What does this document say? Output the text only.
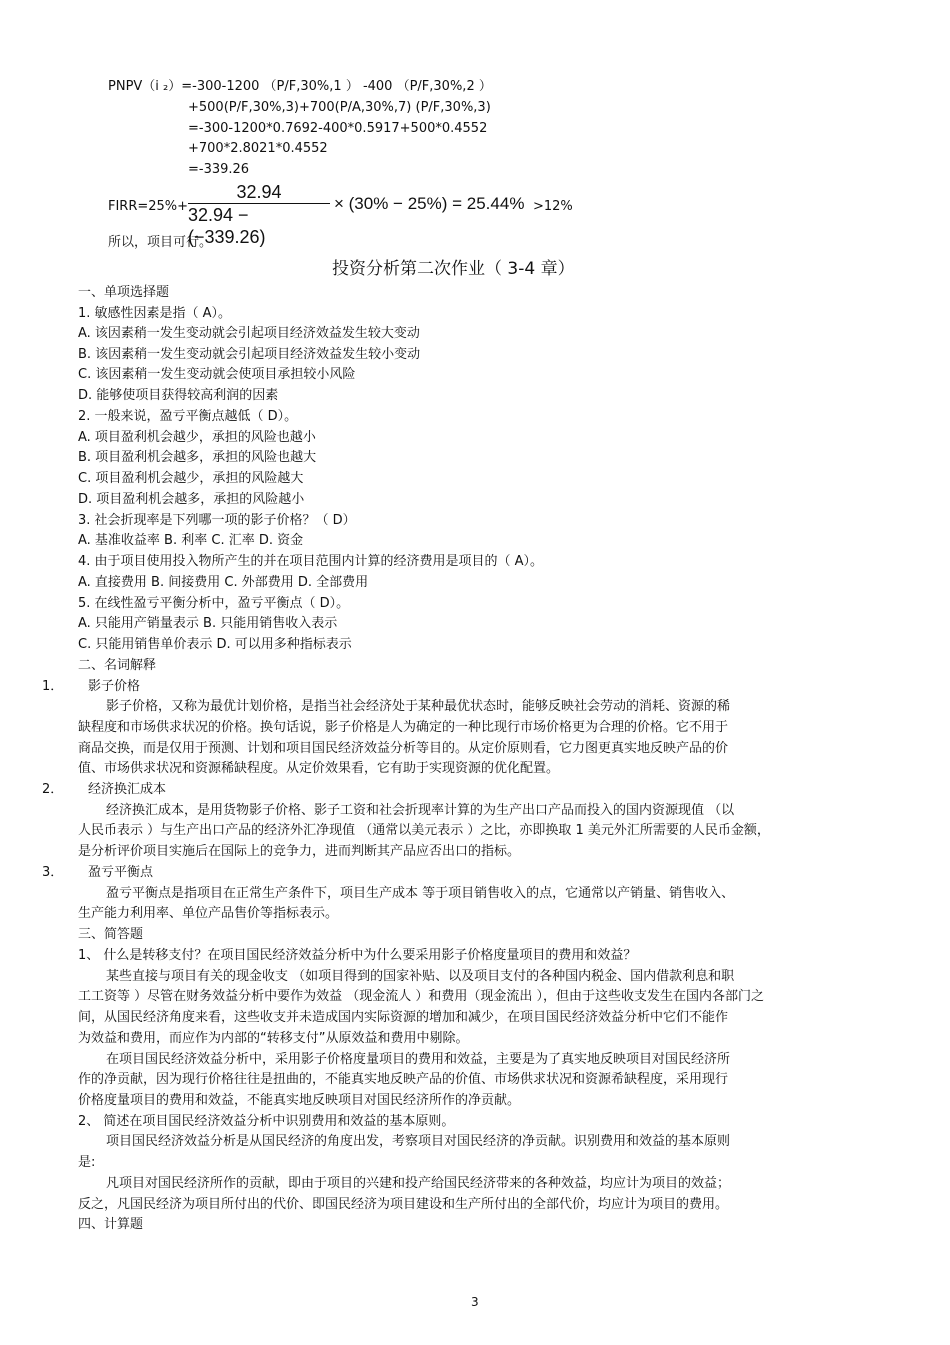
PNPV（i ₂）=-300-1200 （P/F,30%,1 ） -400 （P/F,30%,2 ）
+500(P/F,30%,3)+700(P/A,30%,7) (P/F,30%,3)
=-300-1200*0.7692-400*0.5917+500*0.4552
+700*2.8021*0.4552
=-339.26
FIRR=25%+
32.94
32.94 − (−339.26)
× (30% − 25%) = 25.44% >12%
所以，项目可行。
投资分析第二次作业（ 3-4 章）
一、单项选择题
1. 敏感性因素是指（ A）。
A. 该因素稍一发生变动就会引起项目经济效益发生较大变动
B. 该因素稍一发生变动就会引起项目经济效益发生较小变动
C. 该因素稍一发生变动就会使项目承担较小风险
D. 能够使项目获得较高利润的因素
2. 一般来说，盈亏平衡点越低（ D）。
A. 项目盈利机会越少，承担的风险也越小
B. 项目盈利机会越多，承担的风险也越大
C. 项目盈利机会越少，承担的风险越大
D. 项目盈利机会越多，承担的风险越小
3. 社会折现率是下列哪一项的影子价格？（ D）
A. 基准收益率 B. 利率 C. 汇率 D. 资金
4. 由于项目使用投入物所产生的并在项目范围内计算的经济费用是项目的（ A）。
A. 直接费用 B. 间接费用 C. 外部费用 D. 全部费用
5. 在线性盈亏平衡分析中，盈亏平衡点（ D）。
A. 只能用产销量表示 B. 只能用销售收入表示
C. 只能用销售单价表示 D. 可以用多种指标表示
二、名词解释
1． 影子价格
影子价格，又称为最优计划价格，是指当社会经济处于某种最优状态时，能够反映社会劳动的消耗、资源的稀
缺程度和市场供求状况的价格。换句话说，影子价格是人为确定的一种比现行市场价格更为合理的价格。它不用于
商品交换，而是仅用于预测、计划和项目国民经济效益分析等目的。从定价原则看，它力图更真实地反映产品的价
值、市场供求状况和资源稀缺程度。从定价效果看，它有助于实现资源的优化配置。
2． 经济换汇成本
经济换汇成本，是用货物影子价格、影子工资和社会折现率计算的为生产出口产品而投入的国内资源现值 （以
人民币表示 ）与生产出口产品的经济外汇净现值 （通常以美元表示 ）之比，亦即换取 1 美元外汇所需要的人民币金额，
是分析评价项目实施后在国际上的竞争力，进而判断其产品应否出口的指标。
3． 盈亏平衡点
盈亏平衡点是指项目在正常生产条件下，项目生产成本 等于项目销售收入的点，它通常以产销量、销售收入、
生产能力利用率、单位产品售价等指标表示。
三、简答题
1、 什么是转移支付？在项目国民经济效益分析中为什么要采用影子价格度量项目的费用和效益？
某些直接与项目有关的现金收支 （如项目得到的国家补贴、以及项目支付的各种国内税金、国内借款利息和职
工工资等 ）尽管在财务效益分析中要作为效益 （现金流人 ）和费用（现金流出 ），但由于这些收支发生在国内各部门之
间，从国民经济角度来看，这些收支并未造成国内实际资源的增加和减少，在项目国民经济效益分析中它们不能作
为效益和费用，而应作为内部的“转移支付”从原效益和费用中剔除。
在项目国民经济效益分析中，采用影子价格度量项目的费用和效益，主要是为了真实地反映项目对国民经济所
作的净贡献，因为现行价格往往是扭曲的，不能真实地反映产品的价值、市场供求状况和资源希缺程度，采用现行
价格度量项目的费用和效益，不能真实地反映项目对国民经济所作的净贡献。
2、 简述在项目国民经济效益分析中识别费用和效益的基本原则。
项目国民经济效益分析是从国民经济的角度出发，考察项目对国民经济的净贡献。识别费用和效益的基本原则
是:
凡项目对国民经济所作的贡献，即由于项目的兴建和投产给国民经济带来的各种效益，均应计为项目的效益；
反之，凡国民经济为项目所付出的代价、即国民经济为项目建设和生产所付出的全部代价，均应计为项目的费用。
四、计算题
3
